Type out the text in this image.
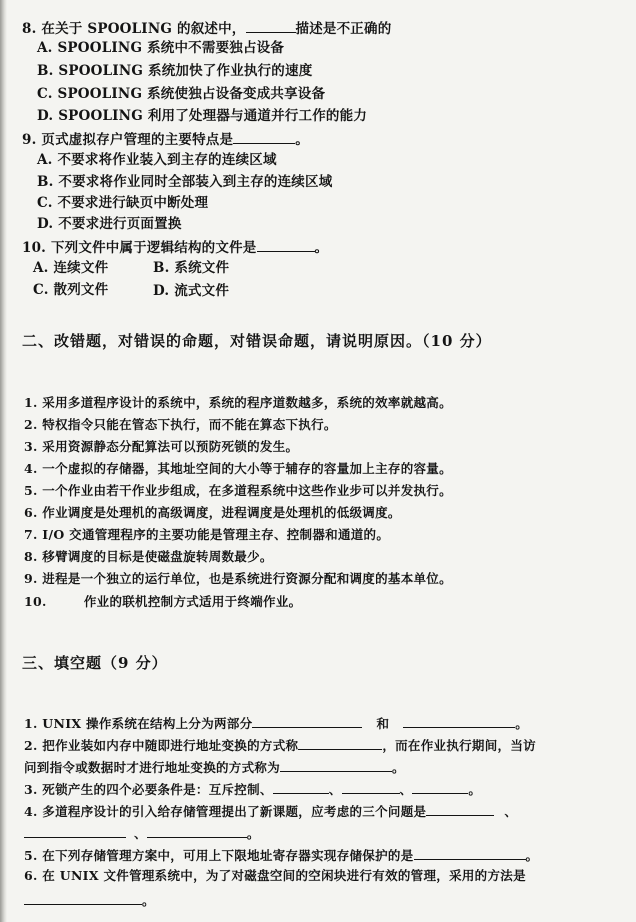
8. 在关于 SPOOLING 的叙述中，	描述是不正确的
A. SPOOLING 系统中不需要独占设备
B. SPOOLING 系统加快了作业执行的速度
C. SPOOLING 系统使独占设备变成共享设备
D. SPOOLING 利用了处理器与通道并行工作的能力
9. 页式虚拟存户管理的主要特点是	。
A. 不要求将作业装入到主存的连续区域
B. 不要求将作业同时全部装入到主存的连续区域
C. 不要求进行缺页中断处理
D. 不要求进行页面置换
10. 下列文件中属于逻辑结构的文件是	。
A. 连续文件	B. 系统文件
C. 散列文件	D. 流式文件
二、改错题，对错误的命题，对错误命题，请说明原因。（10 分）
1. 采用多道程序设计的系统中，系统的程序道数越多，系统的效率就越高。
2. 特权指令只能在管态下执行，而不能在算态下执行。
3. 采用资源静态分配算法可以预防死锁的发生。
4. 一个虚拟的存储器，其地址空间的大小等于辅存的容量加上主存的容量。
5. 一个作业由若干作业步组成，在多道程系统中这些作业步可以并发执行。
6. 作业调度是处理机的高级调度，进程调度是处理机的低级调度。
7. I/O 交通管理程序的主要功能是管理主存、控制器和通道的。
8. 移臂调度的目标是使磁盘旋转周数最少。
9. 进程是一个独立的运行单位，也是系统进行资源分配和调度的基本单位。
10.        作业的联机控制方式适用于终端作业。
三、填空题（9 分）
1. UNIX 操作系统在结构上分为两部分	和	。
2. 把作业装如内存中随即进行地址变换的方式称	，而在作业执行期间，当访
问到指令或数据时才进行地址变换的方式称为	。
3. 死锁产生的四个必要条件是：互斥控制、	、	、	。
4. 多道程序设计的引入给存储管理提出了新课题，应考虑的三个问题是	、
、	。
5. 在下列存储管理方案中，可用上下限地址寄存器实现存储保护的是	。
6. 在 UNIX 文件管理系统中，为了对磁盘空间的空闲块进行有效的管理，采用的方法是
。
